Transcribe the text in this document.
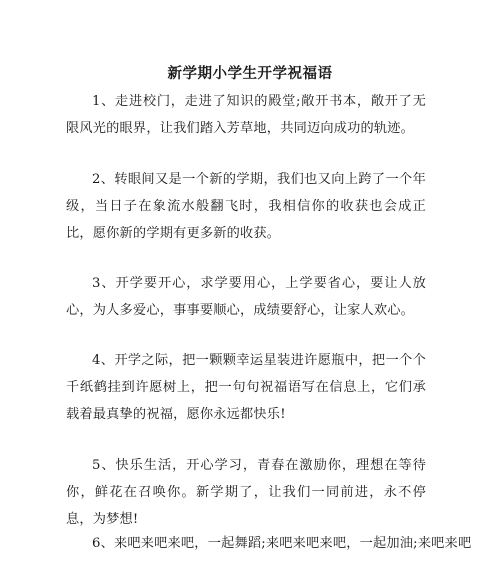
新学期小学生开学祝福语
1、走进校门，走进了知识的殿堂;敞开书本，敞开了无限风光的眼界，让我们踏入芳草地，共同迈向成功的轨迹。
2、转眼间又是一个新的学期，我们也又向上跨了一个年级，当日子在象流水般翻飞时，我相信你的收获也会成正比，愿你新的学期有更多新的收获。
3、开学要开心，求学要用心，上学要省心，要让人放心，为人多爱心，事事要顺心，成绩要舒心，让家人欢心。
4、开学之际，把一颗颗幸运星装进许愿瓶中，把一个个千纸鹤挂到许愿树上，把一句句祝福语写在信息上，它们承载着最真挚的祝福，愿你永远都快乐!
5、快乐生活，开心学习，青春在激励你，理想在等待你，鲜花在召唤你。新学期了，让我们一同前进，永不停息，为梦想!
6、来吧来吧来吧，一起舞蹈;来吧来吧来吧，一起加油;来吧来吧
